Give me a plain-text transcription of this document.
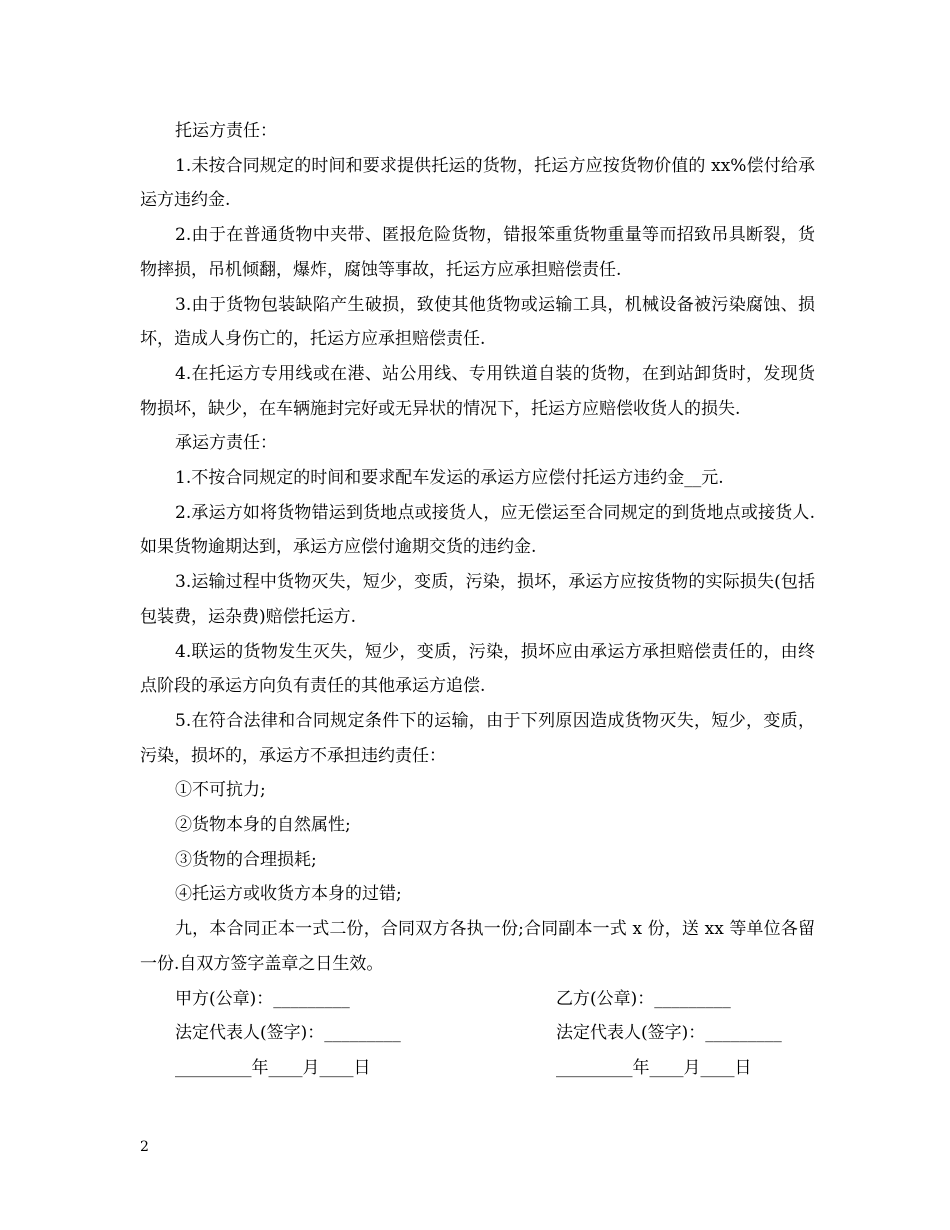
托运方责任：

1.未按合同规定的时间和要求提供托运的货物，托运方应按货物价值的 xx%偿付给承运方违约金.

2.由于在普通货物中夹带、匿报危险货物，错报笨重货物重量等而招致吊具断裂，货物摔损，吊机倾翻，爆炸，腐蚀等事故，托运方应承担赔偿责任.

3.由于货物包装缺陷产生破损，致使其他货物或运输工具，机械设备被污染腐蚀、损坏，造成人身伤亡的，托运方应承担赔偿责任.

4.在托运方专用线或在港、站公用线、专用铁道自装的货物，在到站卸货时，发现货物损坏，缺少，在车辆施封完好或无异状的情况下，托运方应赔偿收货人的损失.

承运方责任：

1.不按合同规定的时间和要求配车发运的承运方应偿付托运方违约金__元.

2.承运方如将货物错运到货地点或接货人，应无偿运至合同规定的到货地点或接货人.如果货物逾期达到，承运方应偿付逾期交货的违约金.

3.运输过程中货物灭失，短少，变质，污染，损坏，承运方应按货物的实际损失(包括包装费，运杂费)赔偿托运方.

4.联运的货物发生灭失，短少，变质，污染，损坏应由承运方承担赔偿责任的，由终点阶段的承运方向负有责任的其他承运方追偿.

5.在符合法律和合同规定条件下的运输，由于下列原因造成货物灭失，短少，变质，污染，损坏的，承运方不承担违约责任：

①不可抗力;

②货物本身的自然属性;

③货物的合理损耗;

④托运方或收货方本身的过错;

九，本合同正本一式二份，合同双方各执一份;合同副本一式 x 份，送 xx 等单位各留一份.自双方签字盖章之日生效。

甲方(公章)：_________	乙方(公章)：_________
法定代表人(签字)：_________	法定代表人(签字)：_________
_________年____月____日	_________年____月____日
2
